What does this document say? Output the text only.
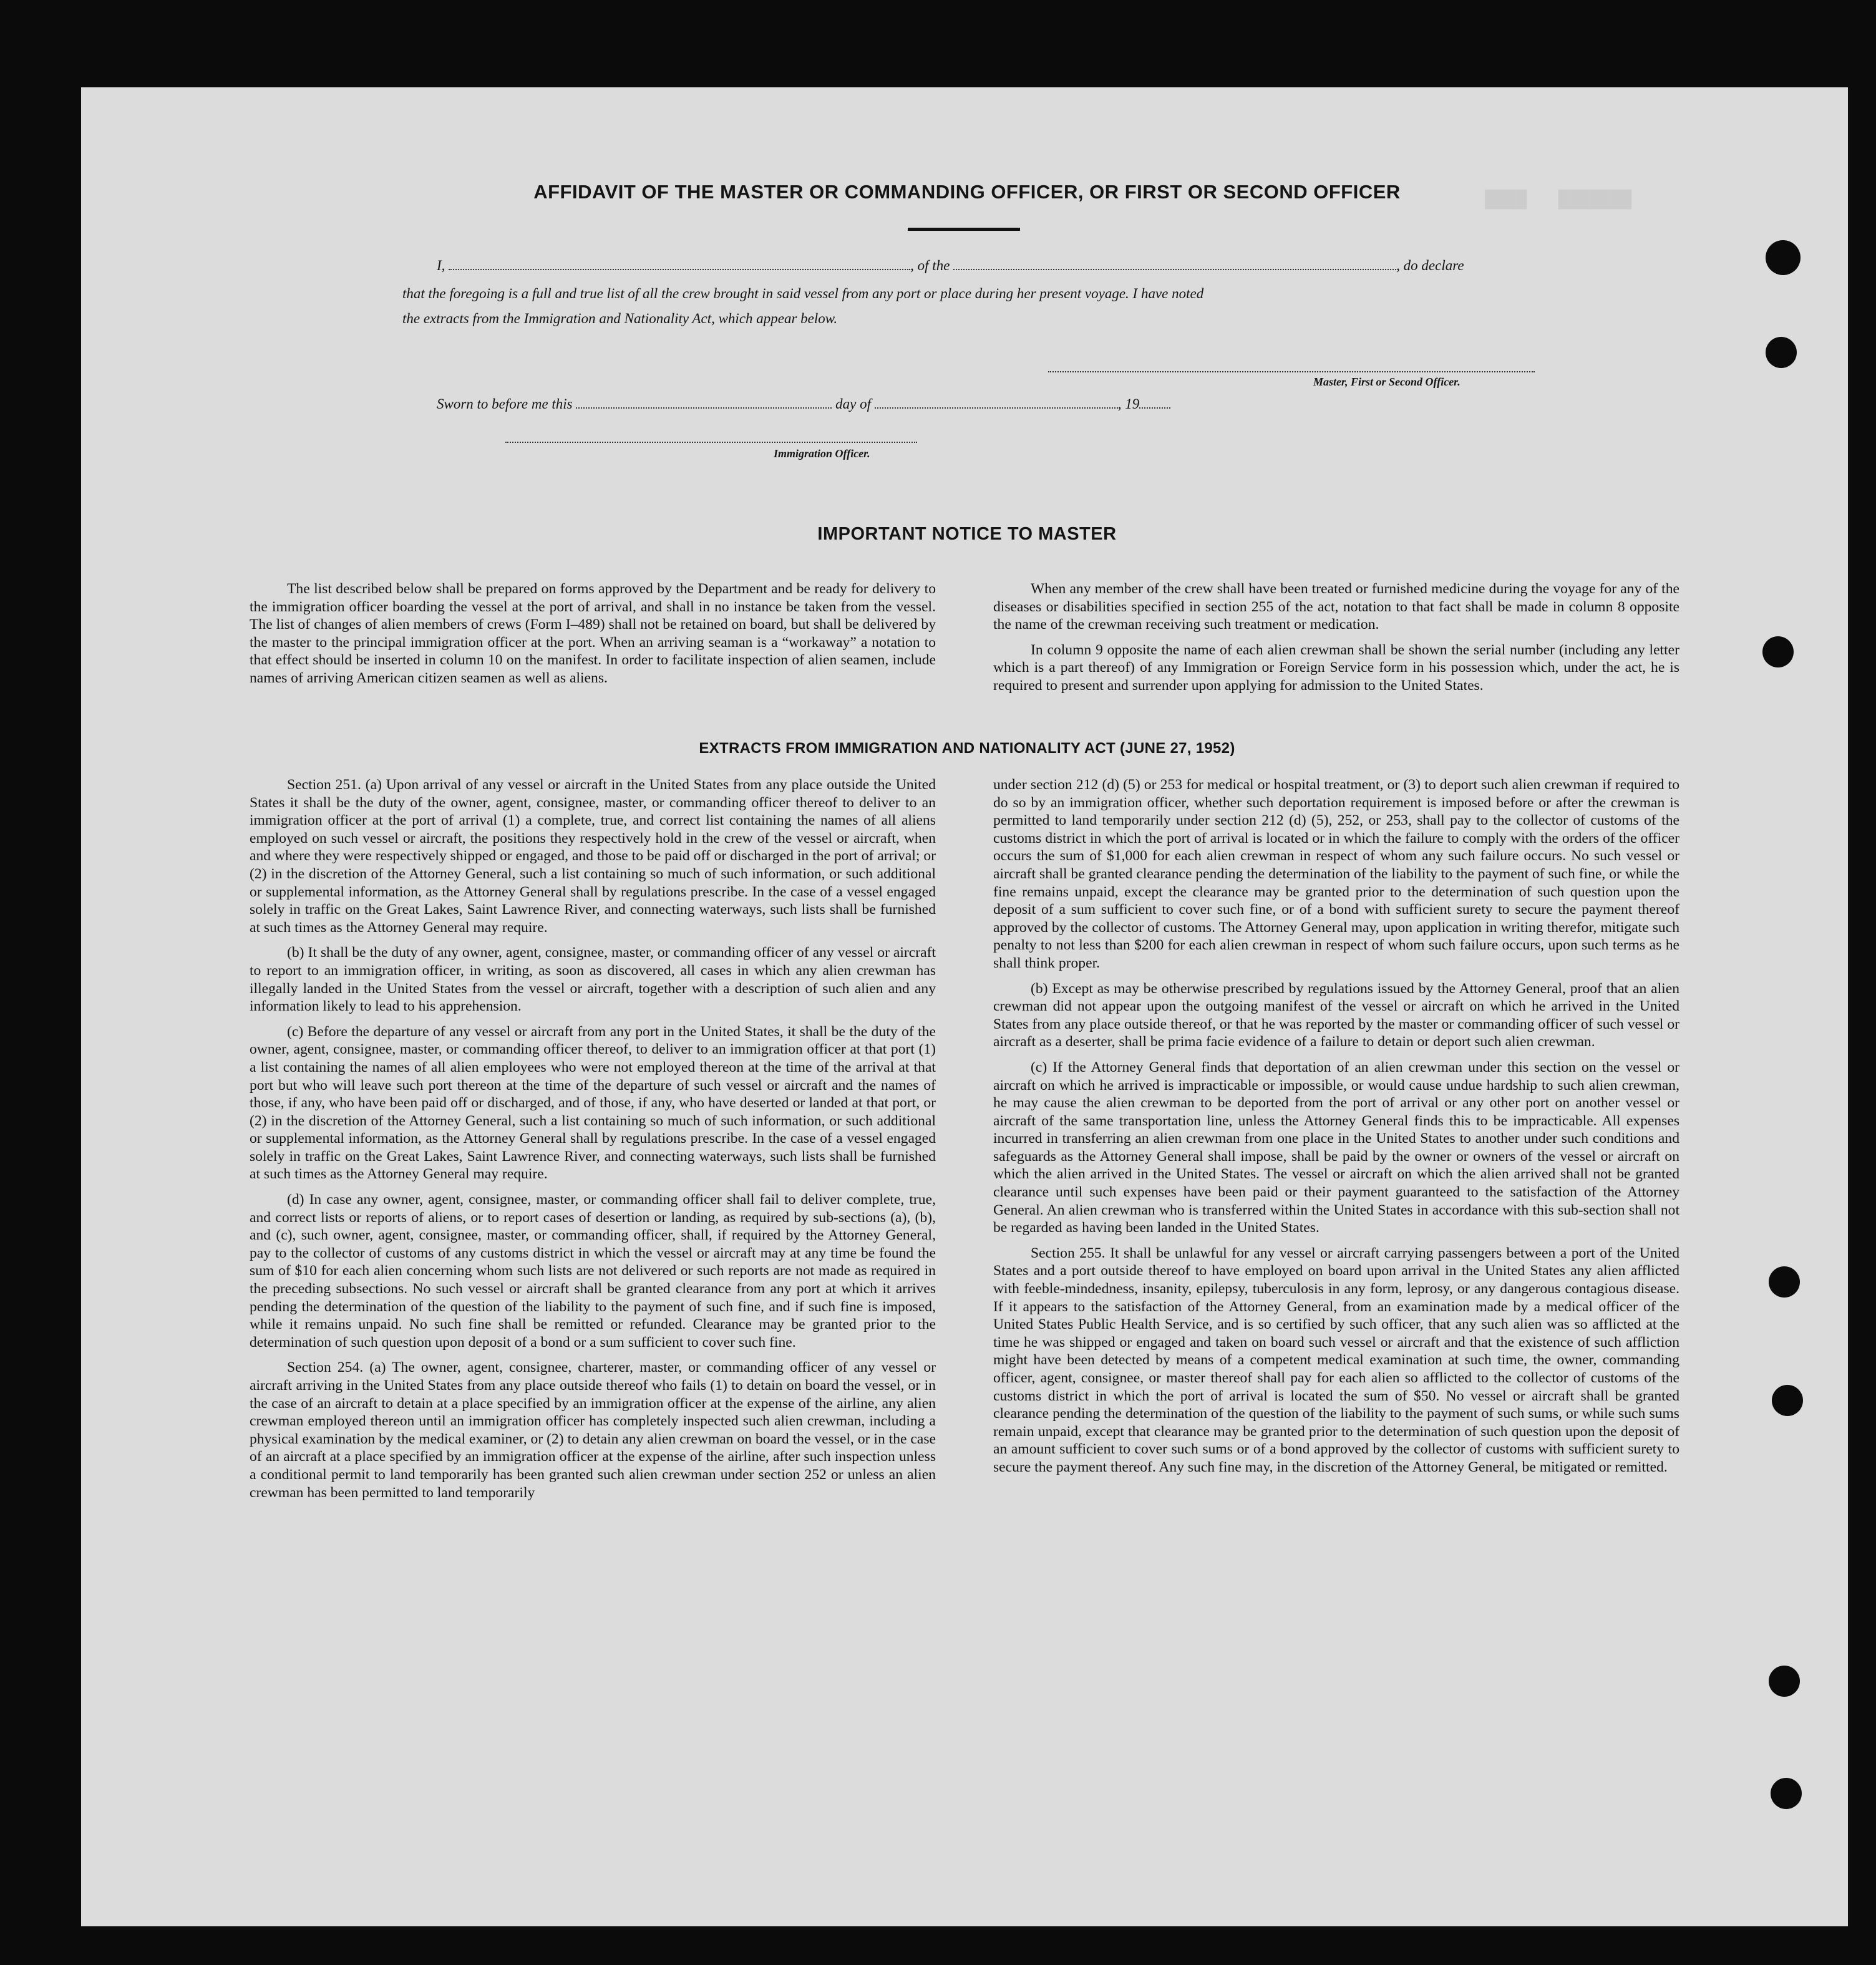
███████   ████
AFFIDAVIT OF THE MASTER OR COMMANDING OFFICER, OR FIRST OR SECOND OFFICER
I,	, of the	, do declare
that the foregoing is a full and true list of all the crew brought in said vessel from any port or place during her present voyage. I have noted
the extracts from the Immigration and Nationality Act, which appear below.
Master, First or Second Officer.
Sworn to before me this	day of	, 19
Immigration Officer.
IMPORTANT NOTICE TO MASTER

The list described below shall be prepared on forms approved by the Department and be ready for delivery to the immigration officer boarding the vessel at the port of arrival, and shall in no instance be taken from the vessel. The list of changes of alien members of crews (Form I–489) shall not be retained on board, but shall be delivered by the master to the principal immigration officer at the port. When an arriving seaman is a “workaway” a notation to that effect should be inserted in column 10 on the manifest. In order to facilitate inspection of alien seamen, include names of arriving American citizen seamen as well as aliens.

When any member of the crew shall have been treated or furnished medicine during the voyage for any of the diseases or disabilities specified in section 255 of the act, notation to that fact shall be made in column 8 opposite the name of the crewman receiving such treatment or medication.

In column 9 opposite the name of each alien crewman shall be shown the serial number (including any letter which is a part thereof) of any Immigration or Foreign Service form in his possession which, under the act, he is required to present and surrender upon applying for admission to the United States.

EXTRACTS FROM IMMIGRATION AND NATIONALITY ACT (JUNE 27, 1952)

Section 251. (a) Upon arrival of any vessel or aircraft in the United States from any place outside the United States it shall be the duty of the owner, agent, consignee, master, or commanding officer thereof to deliver to an immigration officer at the port of arrival (1) a complete, true, and correct list containing the names of all aliens employed on such vessel or aircraft, the positions they respectively hold in the crew of the vessel or aircraft, when and where they were respectively shipped or engaged, and those to be paid off or discharged in the port of arrival; or (2) in the discretion of the Attorney General, such a list containing so much of such information, or such additional or supplemental information, as the Attorney General shall by regulations prescribe. In the case of a vessel engaged solely in traffic on the Great Lakes, Saint Lawrence River, and connecting waterways, such lists shall be furnished at such times as the Attorney General may require.

(b) It shall be the duty of any owner, agent, consignee, master, or commanding officer of any vessel or aircraft to report to an immigration officer, in writing, as soon as discovered, all cases in which any alien crewman has illegally landed in the United States from the vessel or aircraft, together with a description of such alien and any information likely to lead to his apprehension.

(c) Before the departure of any vessel or aircraft from any port in the United States, it shall be the duty of the owner, agent, consignee, master, or commanding officer thereof, to deliver to an immigration officer at that port (1) a list containing the names of all alien employees who were not employed thereon at the time of the arrival at that port but who will leave such port thereon at the time of the departure of such vessel or aircraft and the names of those, if any, who have been paid off or discharged, and of those, if any, who have deserted or landed at that port, or (2) in the discretion of the Attorney General, such a list containing so much of such information, or such additional or supplemental information, as the Attorney General shall by regulations prescribe. In the case of a vessel engaged solely in traffic on the Great Lakes, Saint Lawrence River, and connecting waterways, such lists shall be furnished at such times as the Attorney General may require.

(d) In case any owner, agent, consignee, master, or commanding officer shall fail to deliver complete, true, and correct lists or reports of aliens, or to report cases of desertion or landing, as required by sub-sections (a), (b), and (c), such owner, agent, consignee, master, or commanding officer, shall, if required by the Attorney General, pay to the collector of customs of any customs district in which the vessel or aircraft may at any time be found the sum of $10 for each alien concerning whom such lists are not delivered or such reports are not made as required in the preceding subsections. No such vessel or aircraft shall be granted clearance from any port at which it arrives pending the determination of the question of the liability to the payment of such fine, and if such fine is imposed, while it remains unpaid. No such fine shall be remitted or refunded. Clearance may be granted prior to the determination of such question upon deposit of a bond or a sum sufficient to cover such fine.

Section 254. (a) The owner, agent, consignee, charterer, master, or commanding officer of any vessel or aircraft arriving in the United States from any place outside thereof who fails (1) to detain on board the vessel, or in the case of an aircraft to detain at a place specified by an immigration officer at the expense of the airline, any alien crewman employed thereon until an immigration officer has completely inspected such alien crewman, including a physical examination by the medical examiner, or (2) to detain any alien crewman on board the vessel, or in the case of an aircraft at a place specified by an immigration officer at the expense of the airline, after such inspection unless a conditional permit to land temporarily has been granted such alien crewman under section 252 or unless an alien crewman has been permitted to land temporarily

under section 212 (d) (5) or 253 for medical or hospital treatment, or (3) to deport such alien crewman if required to do so by an immigration officer, whether such deportation requirement is imposed before or after the crewman is permitted to land temporarily under section 212 (d) (5), 252, or 253, shall pay to the collector of customs of the customs district in which the port of arrival is located or in which the failure to comply with the orders of the officer occurs the sum of $1,000 for each alien crewman in respect of whom any such failure occurs. No such vessel or aircraft shall be granted clearance pending the determination of the liability to the payment of such fine, or while the fine remains unpaid, except the clearance may be granted prior to the determination of such question upon the deposit of a sum sufficient to cover such fine, or of a bond with sufficient surety to secure the payment thereof approved by the collector of customs. The Attorney General may, upon application in writing therefor, mitigate such penalty to not less than $200 for each alien crewman in respect of whom such failure occurs, upon such terms as he shall think proper.

(b) Except as may be otherwise prescribed by regulations issued by the Attorney General, proof that an alien crewman did not appear upon the outgoing manifest of the vessel or aircraft on which he arrived in the United States from any place outside thereof, or that he was reported by the master or commanding officer of such vessel or aircraft as a deserter, shall be prima facie evidence of a failure to detain or deport such alien crewman.

(c) If the Attorney General finds that deportation of an alien crewman under this section on the vessel or aircraft on which he arrived is impracticable or impossible, or would cause undue hardship to such alien crewman, he may cause the alien crewman to be deported from the port of arrival or any other port on another vessel or aircraft of the same transportation line, unless the Attorney General finds this to be impracticable. All expenses incurred in transferring an alien crewman from one place in the United States to another under such conditions and safeguards as the Attorney General shall impose, shall be paid by the owner or owners of the vessel or aircraft on which the alien arrived in the United States. The vessel or aircraft on which the alien arrived shall not be granted clearance until such expenses have been paid or their payment guaranteed to the satisfaction of the Attorney General. An alien crewman who is transferred within the United States in accordance with this sub-section shall not be regarded as having been landed in the United States.

Section 255. It shall be unlawful for any vessel or aircraft carrying passengers between a port of the United States and a port outside thereof to have employed on board upon arrival in the United States any alien afflicted with feeble-mindedness, insanity, epilepsy, tuberculosis in any form, leprosy, or any dangerous contagious disease. If it appears to the satisfaction of the Attorney General, from an examination made by a medical officer of the United States Public Health Service, and is so certified by such officer, that any such alien was so afflicted at the time he was shipped or engaged and taken on board such vessel or aircraft and that the existence of such affliction might have been detected by means of a competent medical examination at such time, the owner, commanding officer, agent, consignee, or master thereof shall pay for each alien so afflicted to the collector of customs of the customs district in which the port of arrival is located the sum of $50. No vessel or aircraft shall be granted clearance pending the determination of the question of the liability to the payment of such sums, or while such sums remain unpaid, except that clearance may be granted prior to the determination of such question upon the deposit of an amount sufficient to cover such sums or of a bond approved by the collector of customs with sufficient surety to secure the payment thereof. Any such fine may, in the discretion of the Attorney General, be mitigated or remitted.
